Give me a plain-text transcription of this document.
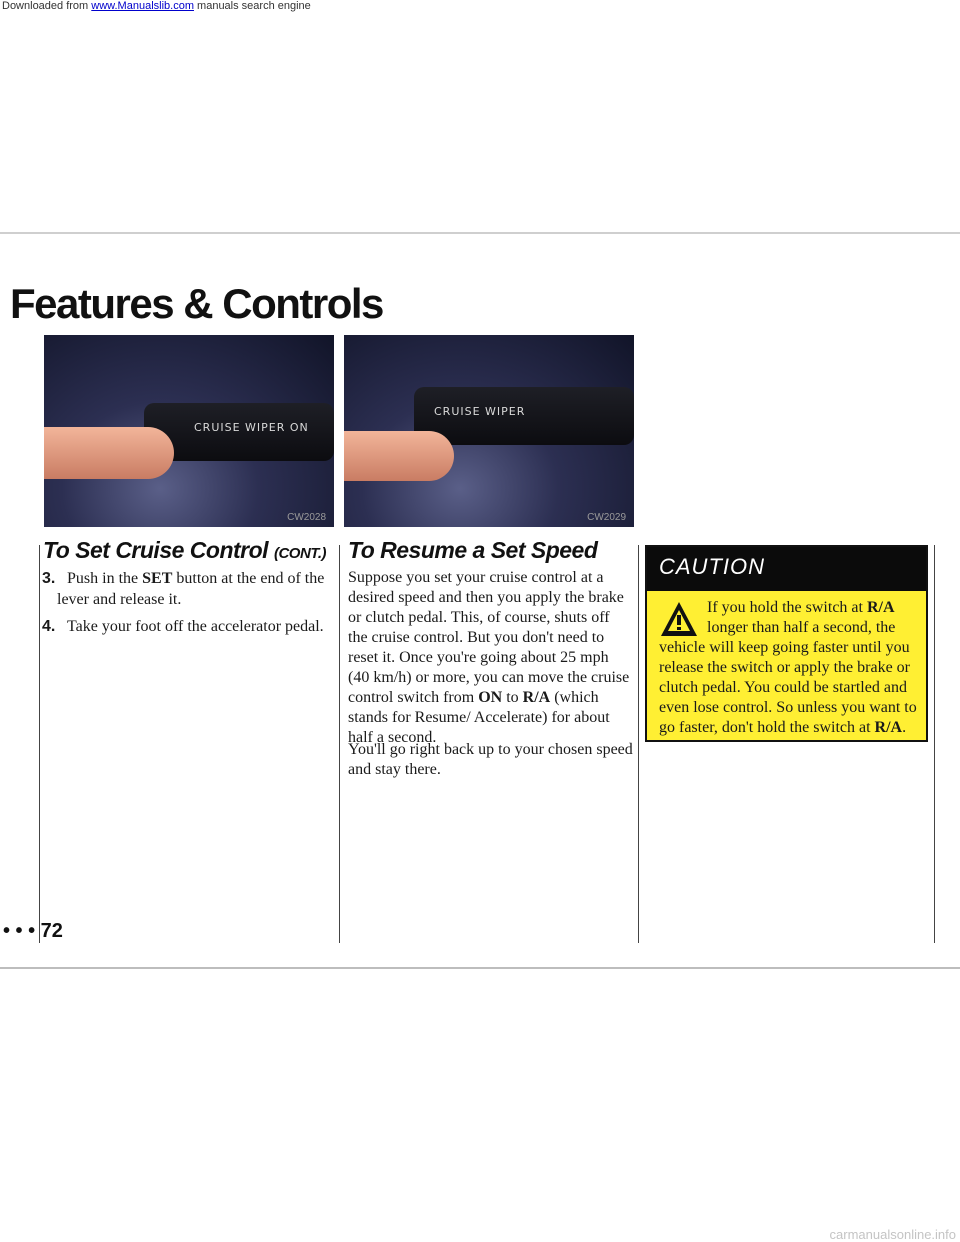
Downloaded from www.Manualslib.com manuals search engine
Features & Controls
CRUISE WIPER ON
CW2028
CRUISE WIPER
CW2029
To Set Cruise Control (CONT.)
3. Push in the SET button at the end of the lever and release it.
4. Take your foot off the accelerator pedal.
To Resume a Set Speed

Suppose you set your cruise control at a desired speed and then you apply the brake or clutch pedal. This, of course, shuts off the cruise control. But you don't need to reset it. Once you're going about 25 mph (40 km/h) or more, you can move the cruise control switch from ON to R/A (which stands for Resume/ Accelerate) for about half a second.

You'll go right back up to your chosen speed and stay there.

CAUTION
If you hold the switch at R/A longer than half a second, the vehicle will keep going faster until you release the switch or apply the brake or clutch pedal. You could be startled and even lose control. So unless you want to go faster, don't hold the switch at R/A.
• • • 72
carmanualsonline.info
